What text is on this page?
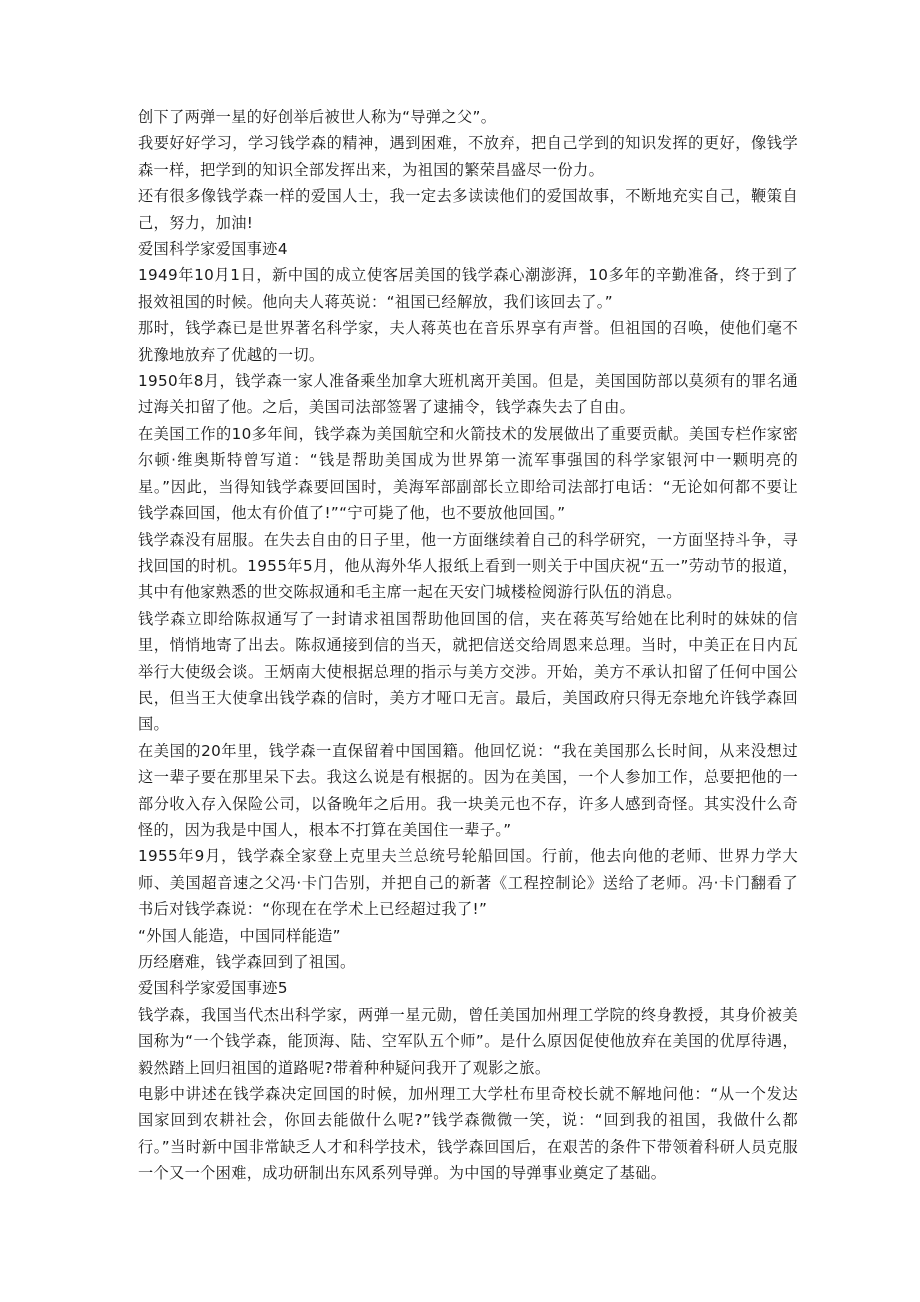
创下了两弹一星的好创举后被世人称为“导弹之父”。

我要好好学习，学习钱学森的精神，遇到困难，不放弃，把自己学到的知识发挥的更好，像钱学森一样，把学到的知识全部发挥出来，为祖国的繁荣昌盛尽一份力。

还有很多像钱学森一样的爱国人士，我一定去多读读他们的爱国故事，不断地充实自己，鞭策自己，努力，加油!

爱国科学家爱国事迹4

1949年10月1日，新中国的成立使客居美国的钱学森心潮澎湃，10多年的辛勤准备，终于到了报效祖国的时候。他向夫人蒋英说：“祖国已经解放，我们该回去了。”

那时，钱学森已是世界著名科学家，夫人蒋英也在音乐界享有声誉。但祖国的召唤，使他们毫不犹豫地放弃了优越的一切。

1950年8月，钱学森一家人准备乘坐加拿大班机离开美国。但是，美国国防部以莫须有的罪名通过海关扣留了他。之后，美国司法部签署了逮捕令，钱学森失去了自由。

在美国工作的10多年间，钱学森为美国航空和火箭技术的发展做出了重要贡献。美国专栏作家密尔顿·维奥斯特曾写道：“钱是帮助美国成为世界第一流军事强国的科学家银河中一颗明亮的星。”因此，当得知钱学森要回国时，美海军部副部长立即给司法部打电话：“无论如何都不要让钱学森回国，他太有价值了!”“宁可毙了他，也不要放他回国。”

钱学森没有屈服。在失去自由的日子里，他一方面继续着自己的科学研究，一方面坚持斗争，寻找回国的时机。1955年5月，他从海外华人报纸上看到一则关于中国庆祝“五一”劳动节的报道，其中有他家熟悉的世交陈叔通和毛主席一起在天安门城楼检阅游行队伍的消息。

钱学森立即给陈叔通写了一封请求祖国帮助他回国的信，夹在蒋英写给她在比利时的妹妹的信里，悄悄地寄了出去。陈叔通接到信的当天，就把信送交给周恩来总理。当时，中美正在日内瓦举行大使级会谈。王炳南大使根据总理的指示与美方交涉。开始，美方不承认扣留了任何中国公民，但当王大使拿出钱学森的信时，美方才哑口无言。最后，美国政府只得无奈地允许钱学森回国。

在美国的20年里，钱学森一直保留着中国国籍。他回忆说：“我在美国那么长时间，从来没想过这一辈子要在那里呆下去。我这么说是有根据的。因为在美国，一个人参加工作，总要把他的一部分收入存入保险公司，以备晚年之后用。我一块美元也不存，许多人感到奇怪。其实没什么奇怪的，因为我是中国人，根本不打算在美国住一辈子。”

1955年9月，钱学森全家登上克里夫兰总统号轮船回国。行前，他去向他的老师、世界力学大师、美国超音速之父冯·卡门告别，并把自己的新著《工程控制论》送给了老师。冯·卡门翻看了书后对钱学森说：“你现在在学术上已经超过我了!”

“外国人能造，中国同样能造”

历经磨难，钱学森回到了祖国。

爱国科学家爱国事迹5

钱学森，我国当代杰出科学家，两弹一星元勋，曾任美国加州理工学院的终身教授，其身价被美国称为“一个钱学森，能顶海、陆、空军队五个师”。是什么原因促使他放弃在美国的优厚待遇，毅然踏上回归祖国的道路呢?带着种种疑问我开了观影之旅。

电影中讲述在钱学森决定回国的时候，加州理工大学杜布里奇校长就不解地问他：“从一个发达国家回到农耕社会，你回去能做什么呢?”钱学森微微一笑，说：“回到我的祖国，我做什么都行。”当时新中国非常缺乏人才和科学技术，钱学森回国后，在艰苦的条件下带领着科研人员克服一个又一个困难，成功研制出东风系列导弹。为中国的导弹事业奠定了基础。
